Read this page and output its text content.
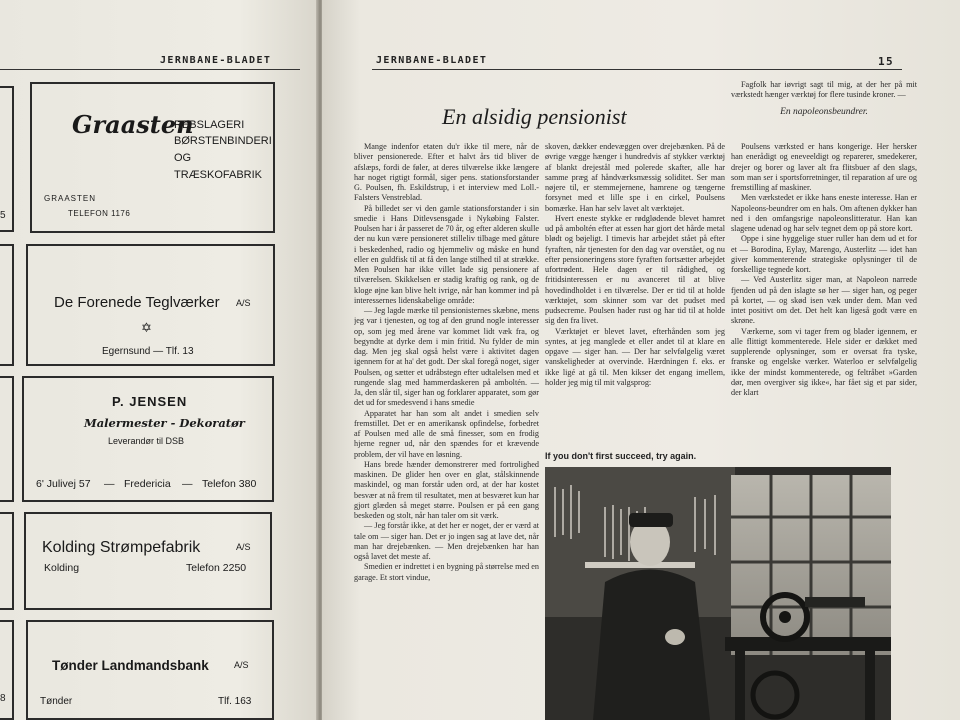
JERNBANE-BLADET
5
8
Graasten
REBSLAGERI
BØRSTENBINDERI
OG
TRÆSKOFABRIK
GRAASTEN
TELEFON 1176
De Forenede Teglværker A/S
✡
Egernsund — Tlf. 13
P. JENSEN
Malermester - Dekoratør
Leverandør til DSB
6' Julivej 57 — Fredericia — Telefon 380
Kolding Strømpefabrik	A/S
Kolding	Telefon 2250
Tønder Landmandsbank	A/S
Tønder	Tlf. 163
JERNBANE-BLADET	15
En alsidig pensionist

Mange indenfor etaten du'r ikke til mere, når de bliver pensionerede. Efter et halvt års tid bliver de afslæps, fordi de føler, at deres tilværelse ikke længere har noget rigtigt formål, siger pens. stationsforstander G. Poulsen, fh. Eskildstrup, i et interview med Loll.-Falsters Venstreblad.

På billedet ser vi den gamle stationsforstander i sin smedie i Hans Ditlevsensgade i Nykøbing Falster. Poulsen har i år passeret de 70 år, og efter alderen skulle der nu kun være pensioneret stilleliv tilbage med gåture i beskedenhed, radio og hjemmeliv og måske en hund eller en guldfisk til at få den lange stilhed til at strække. Men Poulsen har ikke villet lade sig pensionere af tilværelsen. Skikkelsen er stadig kraftig og rank, og de kloge øjne kan blive helt ivrige, når han kommer ind på interessernes lidenskabelige område:

— Jeg lagde mærke til pensionisternes skæbne, mens jeg var i tjenesten, og tog af den grund nogle interesser op, som jeg med årene var kommet lidt væk fra, og begyndte at dyrke dem i min fritid. Nu fylder de min dag. Men jeg skal også helst være i aktivitet dagen igennem for at ha' det godt. Der skal foregå noget, siger Poulsen, og sætter et udråbstegn efter udtalelsen med et rungende slag med hammerdaskeren på amboltén. — Ja, den slår til, siger han og forklarer apparatet, som gør det ud for smedesvend i hans smedie

Apparatet har han som alt andet i smedien selv fremstillet. Det er en amerikansk opfindelse, forbedret af Poulsen med alle de små finesser, som en frodig hjerne regner ud, når den spændes for et krævende problem, der vil have en løsning.

Hans brede hænder demonstrerer med fortrolighed maskinen. De glider hen over en glat, stålskinnende maskindel, og man forstår uden ord, at der har kostet besvær at nå frem til resultatet, men at besværet kun har gjort glæden så meget større. Poulsen er på een gang beskeden og stolt, når han taler om sit værk.

— Jeg forstår ikke, at det her er noget, der er værd at tale om — siger han. Det er jo ingen sag at lave det, når man har drejebænken. — Men drejebænken har han også lavet det meste af.

Smedien er indrettet i en bygning på størrelse med en garage. Et stort vindue,

skoven, dækker endevæggen over drejebænken. På de øvrige vægge hænger i hundredvis af stykker værktøj af blankt drejestål med polerede skafter, alle har samme præg af håndværksmæssig soliditet. Ser man nøjere til, er stemmejernene, hamrene og tængerne forsynet med et lille spe i en cirkel, Poulsens bomærke. Han har selv lavet alt værktøjet.

Hvert eneste stykke er rødglødende blevet hamret ud på amboltén efter at essen har gjort det hårde metal blødt og bøjeligt. I timevis har arbejdet stået på efter fyraften, når tjenesten for den dag var overstået, og nu efter pensioneringens store fyraften fortsætter arbejdet ufortrødent. Hele dagen er til rådighed, og fritidsinteressen er nu avanceret til at blive hovedindholdet i en tilværelse. Der er tid til at holde værktøjet, som skinner som var det pudset med pudsecreme. Poulsen hader rust og har tid til at holde sig den fra livet.

Værktøjet er blevet lavet, efterhånden som jeg syntes, at jeg manglede et eller andet til at klare en opgave — siger han. — Der har selvfølgelig været vanskeligheder at overvinde. Hærdningen f. eks. er ikke ligé at gå til. Men kikser det engang imellem, holder jeg mig til mit valgsprog:

If you don't first succeed, try again.

Fagfolk har iøvrigt sagt til mig, at der her på mit værkstedt hænger værktøj for flere tusinde kroner. —

En napoleonsbeundrer.

Poulsens værksted er hans kongerige. Her hersker han enerådigt og eneveeldigt og reparerer, smedekerer, drejer og borer og laver alt fra flitsbuer af den slags, som man ser i sportsforretninger, til reparation af ure og fremstilling af maskiner.

Men værkstedet er ikke hans eneste interesse. Han er Napoleons-beundrer om en hals. Om aftenen dykker han ned i den omfangsrige napoleonslitteratur. Han kan slagene udenad og har selv tegnet dem op på store kort.

Oppe i sine hyggelige stuer ruller han dem ud et for et — Borodina, Eylay, Marengo, Austerlitz — idet han giver kommenterende strategiske oplysninger til de forskellige tegnede kort.

— Ved Austerlitz siger man, at Napoleon narrede fjenden ud på den islagte sø her — siger han, og peger på kortet, — og skød isen væk under dem. Man ved intet positivt om det. Det helt kan ligeså godt være en skrøne.

Værkerne, som vi tager frem og blader igennem, er alle flittigt kommenterede. Hele sider er dækket med supplerende oplysninger, som er oversat fra tyske, franske og engelske værker. Waterloo er selvfølgelig ikke der mindst kommenterede, og feltråbet »Garden dør, men overgiver sig ikke«, har fået sig et par sider, der klart
